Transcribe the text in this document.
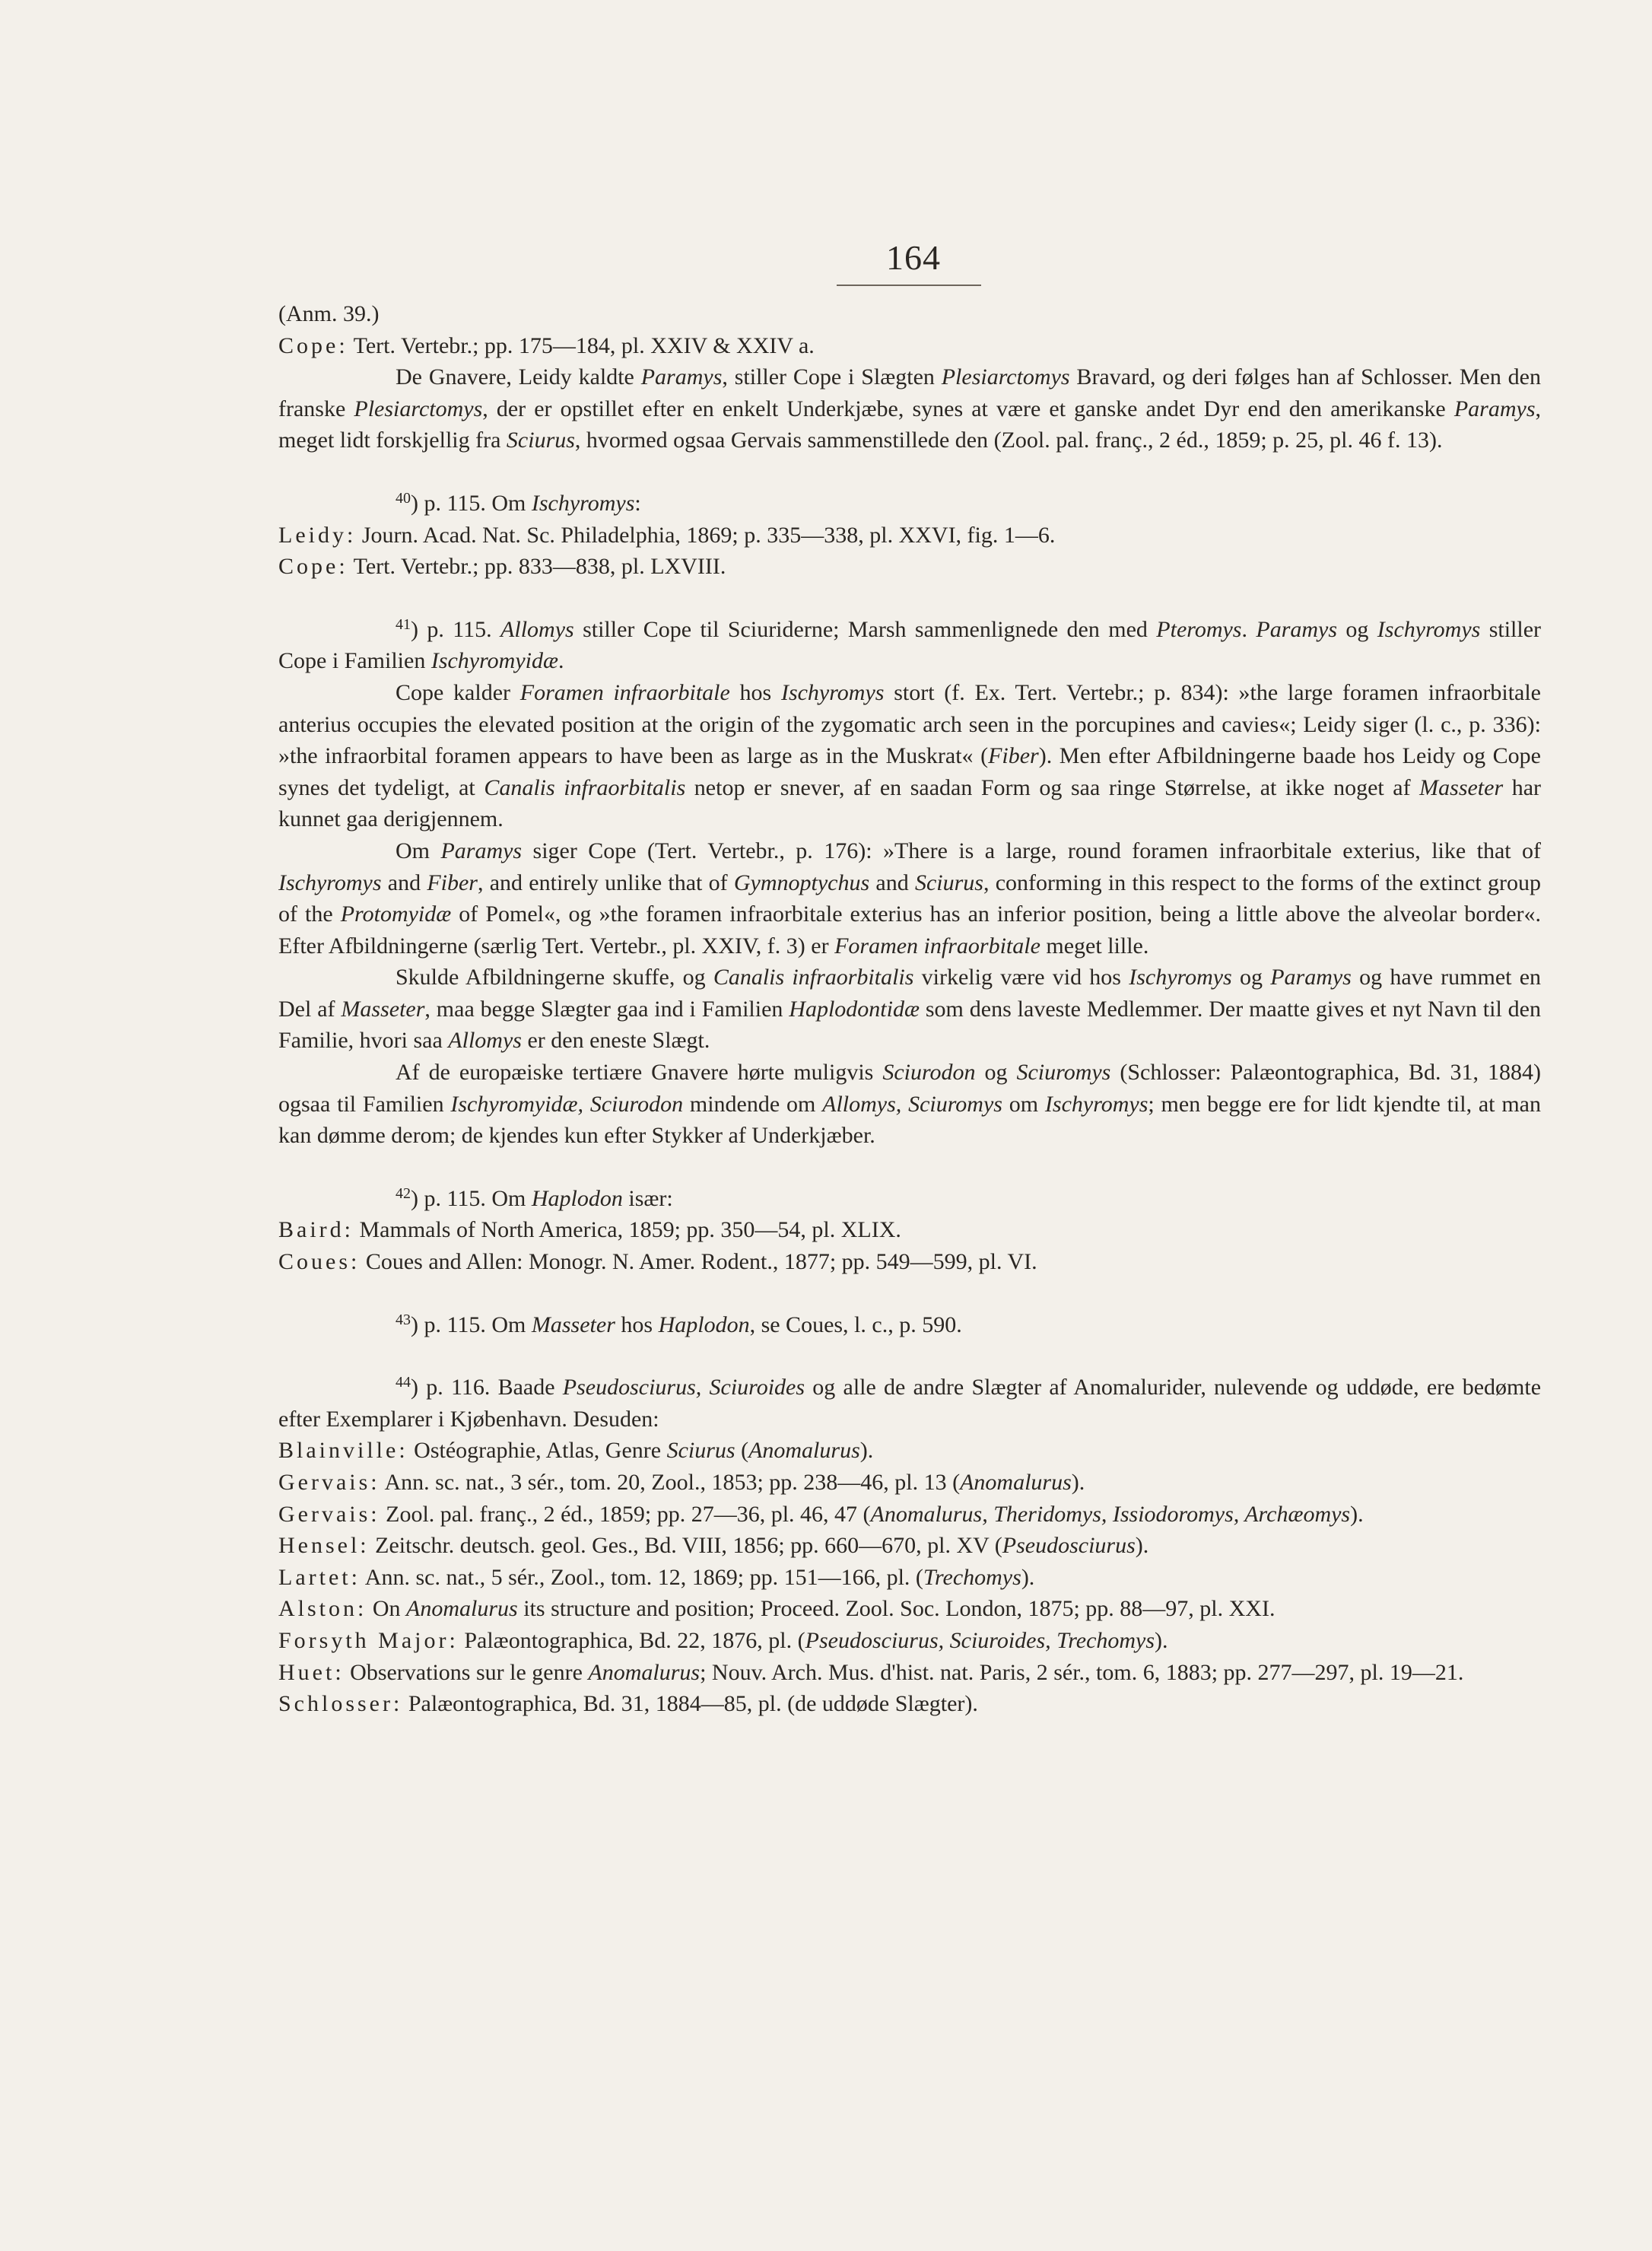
164

(Anm. 39.)

Cope: Tert. Vertebr.; pp. 175—184, pl. XXIV & XXIV a.

De Gnavere, Leidy kaldte Paramys, stiller Cope i Slægten Plesiarctomys Bravard, og deri følges han af Schlosser. Men den franske Plesiarctomys, der er opstillet efter en enkelt Underkjæbe, synes at være et ganske andet Dyr end den amerikanske Paramys, meget lidt forskjellig fra Sciurus, hvormed ogsaa Gervais sammenstillede den (Zool. pal. franç., 2 éd., 1859; p. 25, pl. 46 f. 13).

$^{40}$) p. 115. Om Ischyromys:

Leidy: Journ. Acad. Nat. Sc. Philadelphia, 1869; p. 335—338, pl. XXVI, fig. 1—6.

Cope: Tert. Vertebr.; pp. 833—838, pl. LXVIII.

$^{41}$) p. 115. Allomys stiller Cope til Sciuriderne; Marsh sammenlignede den med Pteromys. Paramys og Ischyromys stiller Cope i Familien Ischyromyidæ.

Cope kalder Foramen infraorbitale hos Ischyromys stort (f. Ex. Tert. Vertebr.; p. 834): »the large foramen infraorbitale anterius occupies the elevated position at the origin of the zygomatic arch seen in the porcupines and cavies«; Leidy siger (l. c., p. 336): »the infraorbital foramen appears to have been as large as in the Muskrat« (Fiber). Men efter Afbildningerne baade hos Leidy og Cope synes det tydeligt, at Canalis infraorbitalis netop er snever, af en saadan Form og saa ringe Størrelse, at ikke noget af Masseter har kunnet gaa derigjennem.

Om Paramys siger Cope (Tert. Vertebr., p. 176): »There is a large, round foramen infraorbitale exterius, like that of Ischyromys and Fiber, and entirely unlike that of Gymnoptychus and Sciurus, conforming in this respect to the forms of the extinct group of the Protomyidæ of Pomel«, og »the foramen infraorbitale exterius has an inferior position, being a little above the alveolar border«. Efter Afbildningerne (særlig Tert. Vertebr., pl. XXIV, f. 3) er Foramen infraorbitale meget lille.

Skulde Afbildningerne skuffe, og Canalis infraorbitalis virkelig være vid hos Ischyromys og Paramys og have rummet en Del af Masseter, maa begge Slægter gaa ind i Familien Haplodontidæ som dens laveste Medlemmer. Der maatte gives et nyt Navn til den Familie, hvori saa Allomys er den eneste Slægt.

Af de europæiske tertiære Gnavere hørte muligvis Sciurodon og Sciuromys (Schlosser: Palæontographica, Bd. 31, 1884) ogsaa til Familien Ischyromyidæ, Sciurodon mindende om Allomys, Sciuromys om Ischyromys; men begge ere for lidt kjendte til, at man kan dømme derom; de kjendes kun efter Stykker af Underkjæber.

$^{42}$) p. 115. Om Haplodon især:

Baird: Mammals of North America, 1859; pp. 350—54, pl. XLIX.

Coues: Coues and Allen: Monogr. N. Amer. Rodent., 1877; pp. 549—599, pl. VI.

$^{43}$) p. 115. Om Masseter hos Haplodon, se Coues, l. c., p. 590.

$^{44}$) p. 116. Baade Pseudosciurus, Sciuroides og alle de andre Slægter af Anomalurider, nulevende og uddøde, ere bedømte efter Exemplarer i Kjøbenhavn. Desuden:

Blainville: Ostéographie, Atlas, Genre Sciurus (Anomalurus).

Gervais: Ann. sc. nat., 3 sér., tom. 20, Zool., 1853; pp. 238—46, pl. 13 (Anomalurus).

Gervais: Zool. pal. franç., 2 éd., 1859; pp. 27—36, pl. 46, 47 (Anomalurus, Theridomys, Issiodoromys, Archæomys).

Hensel: Zeitschr. deutsch. geol. Ges., Bd. VIII, 1856; pp. 660—670, pl. XV (Pseudosciurus).

Lartet: Ann. sc. nat., 5 sér., Zool., tom. 12, 1869; pp. 151—166, pl. (Trechomys).

Alston: On Anomalurus its structure and position; Proceed. Zool. Soc. London, 1875; pp. 88—97, pl. XXI.

Forsyth Major: Palæontographica, Bd. 22, 1876, pl. (Pseudosciurus, Sciuroides, Trechomys).

Huet: Observations sur le genre Anomalurus; Nouv. Arch. Mus. d'hist. nat. Paris, 2 sér., tom. 6, 1883; pp. 277—297, pl. 19—21.

Schlosser: Palæontographica, Bd. 31, 1884—85, pl. (de uddøde Slægter).
